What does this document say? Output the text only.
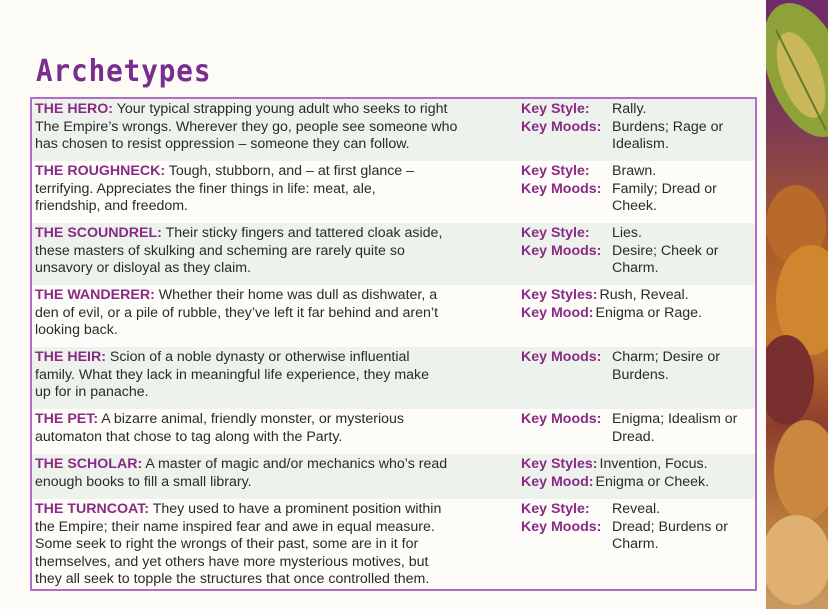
Archetypes
THE HERO: Your typical strapping young adult who seeks to right
The Empire’s wrongs. Wherever they go, people see someone who
has chosen to resist oppression – someone they can follow.
Key Style: Rally.
Key Moods: Burdens; Rage or
Idealism.
THE ROUGHNECK: Tough, stubborn, and – at first glance –
terrifying. Appreciates the finer things in life: meat, ale,
friendship, and freedom.
Key Style: Brawn.
Key Moods: Family; Dread or
Cheek.
THE SCOUNDREL: Their sticky fingers and tattered cloak aside,
these masters of skulking and scheming are rarely quite so
unsavory or disloyal as they claim.
Key Style: Lies.
Key Moods: Desire; Cheek or
Charm.
THE WANDERER: Whether their home was dull as dishwater, a
den of evil, or a pile of rubble, they’ve left it far behind and aren’t
looking back.
Key Styles: Rush, Reveal.
Key Mood: Enigma or Rage.
THE HEIR: Scion of a noble dynasty or otherwise influential
family. What they lack in meaningful life experience, they make
up for in panache.
Key Moods: Charm; Desire or
Burdens.
THE PET: A bizarre animal, friendly monster, or mysterious
automaton that chose to tag along with the Party.
Key Moods: Enigma; Idealism or
Dread.
THE SCHOLAR: A master of magic and/or mechanics who’s read
enough books to fill a small library.
Key Styles: Invention, Focus.
Key Mood: Enigma or Cheek.
THE TURNCOAT: They used to have a prominent position within
the Empire; their name inspired fear and awe in equal measure.
Some seek to right the wrongs of their past, some are in it for
themselves, and yet others have more mysterious motives, but
they all seek to topple the structures that once controlled them.
Key Style: Reveal.
Key Moods: Dread; Burdens or
Charm.
